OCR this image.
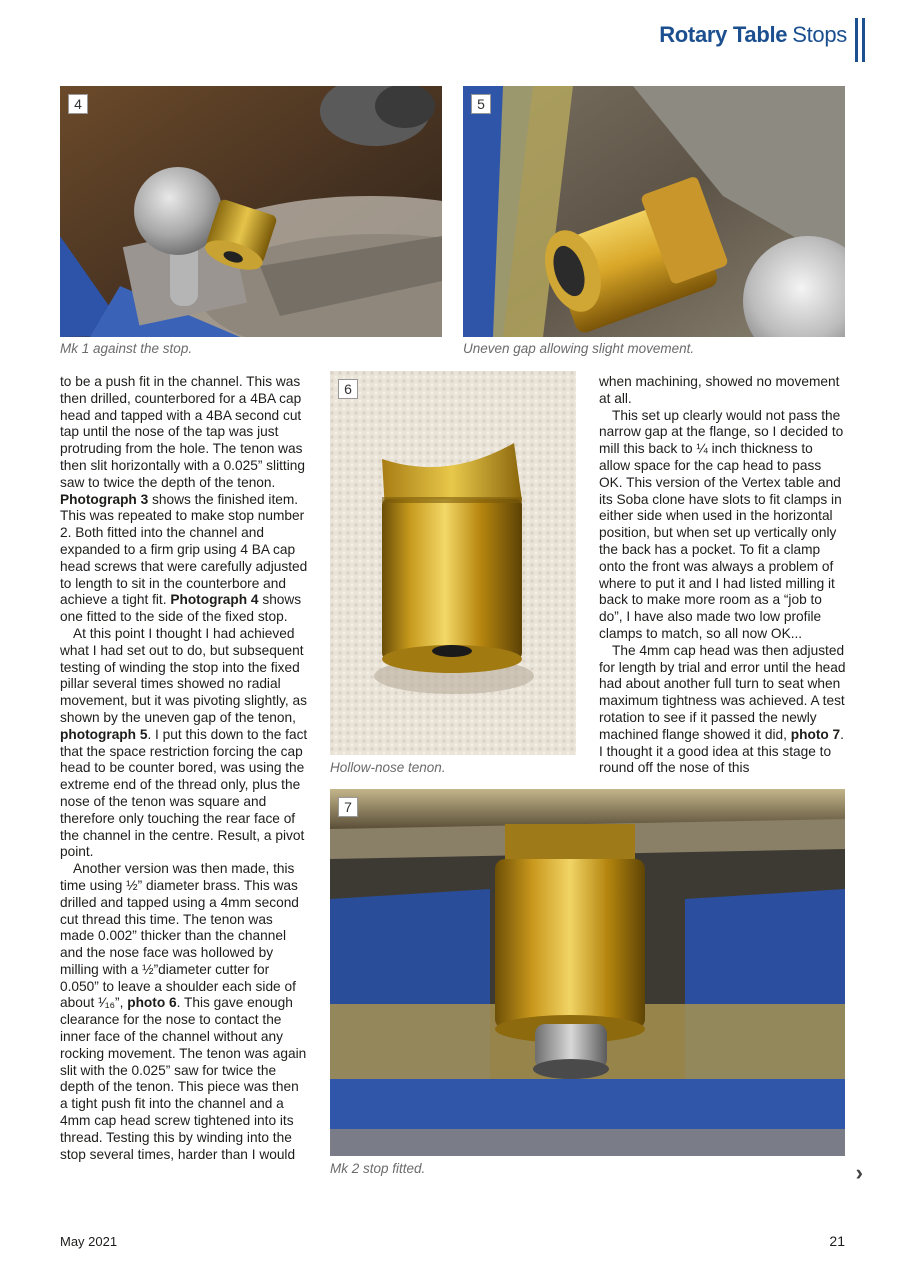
Rotary Table Stops
4
Mk 1 against the stop.
5
Uneven gap allowing slight movement.

to be a push fit in the channel. This was then drilled, counterbored for a 4BA cap head and tapped with a 4BA second cut tap until the nose of the tap was just protruding from the hole. The tenon was then slit horizontally with a 0.025” slitting saw to twice the depth of the tenon. Photograph 3 shows the finished item. This was repeated to make stop number 2. Both fitted into the channel and expanded to a firm grip using 4 BA cap head screws that were carefully adjusted to length to sit in the counterbore and achieve a tight fit. Photograph 4 shows one fitted to the side of the fixed stop.

At this point I thought I had achieved what I had set out to do, but subsequent testing of winding the stop into the fixed pillar several times showed no radial movement, but it was pivoting slightly, as shown by the uneven gap of the tenon, photograph 5. I put this down to the fact that the space restriction forcing the cap head to be counter bored, was using the extreme end of the thread only, plus the nose of the tenon was square and therefore only touching the rear face of the channel in the centre. Result, a pivot point.

Another version was then made, this time using ½” diameter brass. This was drilled and tapped using a 4mm second cut thread this time. The tenon was made 0.002” thicker than the channel and the nose face was hollowed by milling with a ½”diameter cutter for 0.050” to leave a shoulder each side of about ¹⁄₁₆”, photo 6. This gave enough clearance for the nose to contact the inner face of the channel without any rocking movement. The tenon was again slit with the 0.025” saw for twice the depth of the tenon. This piece was then a tight push fit into the channel and a 4mm cap head screw tightened into its thread. Testing this by winding into the stop several times, harder than I would

6
Hollow-nose tenon.

when machining, showed no movement at all.

This set up clearly would not pass the narrow gap at the flange, so I decided to mill this back to ¼ inch thickness to allow space for the cap head to pass OK. This version of the Vertex table and its Soba clone have slots to fit clamps in either side when used in the horizontal position, but when set up vertically only the back has a pocket. To fit a clamp onto the front was always a problem of where to put it and I had listed milling it back to make more room as a “job to do”, I have also made two low profile clamps to match, so all now OK...

The 4mm cap head was then adjusted for length by trial and error until the head had about another full turn to seat when maximum tightness was achieved. A test rotation to see if it passed the newly machined flange showed it did, photo 7. I thought it a good idea at this stage to round off the nose of this

7
Mk 2 stop fitted.	›
May 2021	21
